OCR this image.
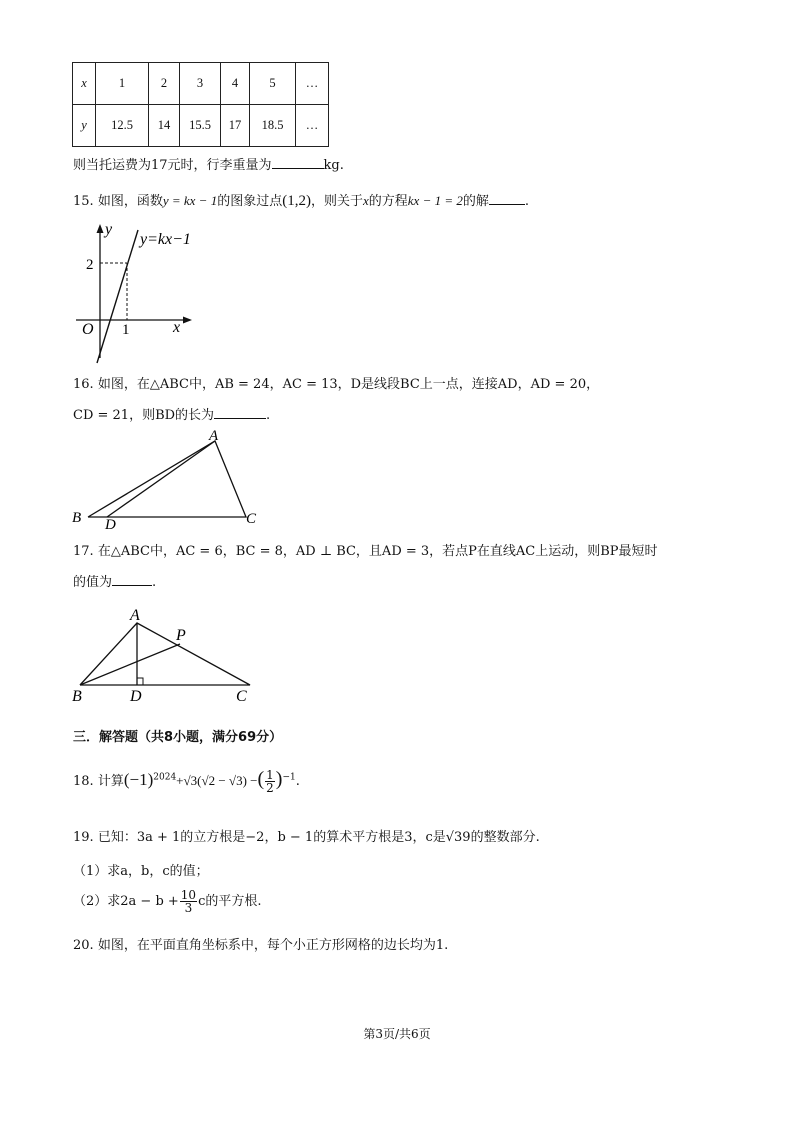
x	1	2	3	4	5	…
y	12.5	14	15.5	17	18.5	…
则当托运费为17元时，行李重量为	kg.
15. 如图，函数y = kx − 1的图象过点(1,2)，则关于x的方程kx − 1 = 2的解	.
y
x
O 1
2
y=kx−1
16. 如图，在△ABC中，AB = 24，AC = 13，D是线段BC上一点，连接AD，AD = 20，
CD = 21，则BD的长为	.
A
B	C
D
17. 在△ABC中，AC = 6，BC = 8，AD ⊥ BC，且AD = 3，若点P在直线AC上运动，则BP最短时
的值为	.
A
B	C
D
P
三．解答题（共8小题，满分69分）
18. 计算$(-1)^{2024}+√3(√2 - √3)$ −( $\frac{1}{2} )^{-1}$.
19. 已知：3a + 1的立方根是−2，b − 1的算术平方根是3，c是√39的整数部分.
（1）求a，b，c的值；
（2）求$2a - b + \frac{10}{3}$ c的平方根.
20. 如图，在平面直角坐标系中，每个小正方形网格的边长均为1.
第3页/共6页
